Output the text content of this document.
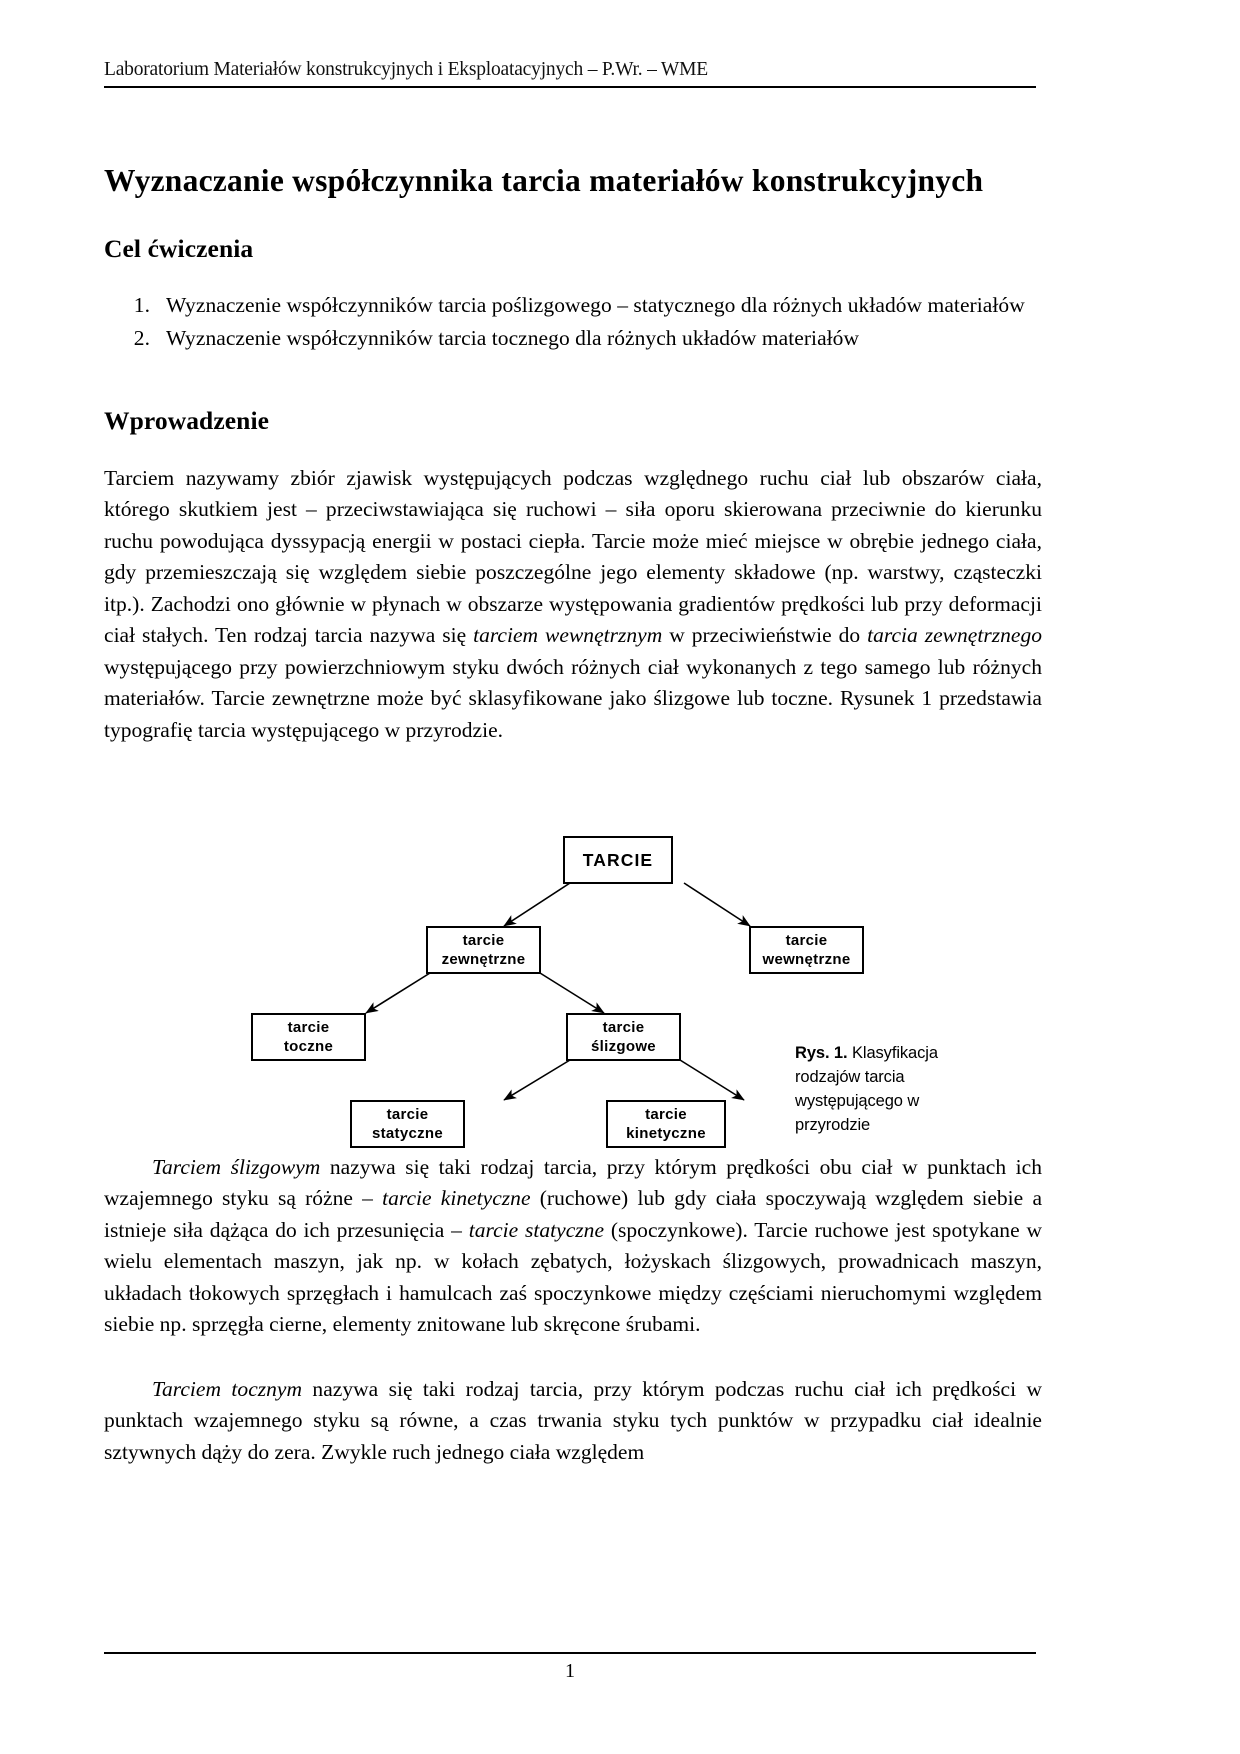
Laboratorium Materiałów konstrukcyjnych i Eksploatacyjnych – P.Wr. – WME
Wyznaczanie współczynnika tarcia materiałów konstrukcyjnych
Cel ćwiczenia
1. Wyznaczenie współczynników tarcia poślizgowego – statycznego dla różnych układów materiałów
2. Wyznaczenie współczynników tarcia tocznego dla różnych układów materiałów
Wprowadzenie

Tarciem nazywamy zbiór zjawisk występujących podczas względnego ruchu ciał lub obszarów ciała, którego skutkiem jest – przeciwstawiająca się ruchowi – siła oporu skierowana przeciwnie do kierunku ruchu powodująca dyssypacją energii w postaci ciepła. Tarcie może mieć miejsce w obrębie jednego ciała, gdy przemieszczają się względem siebie poszczególne jego elementy składowe (np. warstwy, cząsteczki itp.). Zachodzi ono głównie w płynach w obszarze występowania gradientów prędkości lub przy deformacji ciał stałych. Ten rodzaj tarcia nazywa się tarciem wewnętrznym w przeciwieństwie do tarcia zewnętrznego występującego przy powierzchniowym styku dwóch różnych ciał wykonanych z tego samego lub różnych materiałów. Tarcie zewnętrzne może być sklasyfikowane jako ślizgowe lub toczne. Rysunek 1 przedstawia typografię tarcia występującego w przyrodzie.

TARCIE
tarcie
zewnętrzne
tarcie
wewnętrzne
tarcie
toczne
tarcie
ślizgowe
tarcie
statyczne
tarcie
kinetyczne
Rys. 1. Klasyfikacja rodzajów tarcia występującego w przyrodzie

Tarciem ślizgowym nazywa się taki rodzaj tarcia, przy którym prędkości obu ciał w punktach ich wzajemnego styku są różne – tarcie kinetyczne (ruchowe) lub gdy ciała spoczywają względem siebie a istnieje siła dążąca do ich przesunięcia – tarcie statyczne (spoczynkowe). Tarcie ruchowe jest spotykane w wielu elementach maszyn, jak np. w kołach zębatych, łożyskach ślizgowych, prowadnicach maszyn, układach tłokowych sprzęgłach i hamulcach zaś spoczynkowe między częściami nieruchomymi względem siebie np. sprzęgła cierne, elementy znitowane lub skręcone śrubami.

Tarciem tocznym nazywa się taki rodzaj tarcia, przy którym podczas ruchu ciał ich prędkości w punktach wzajemnego styku są równe, a czas trwania styku tych punktów w przypadku ciał idealnie sztywnych dąży do zera. Zwykle ruch jednego ciała względem

1
